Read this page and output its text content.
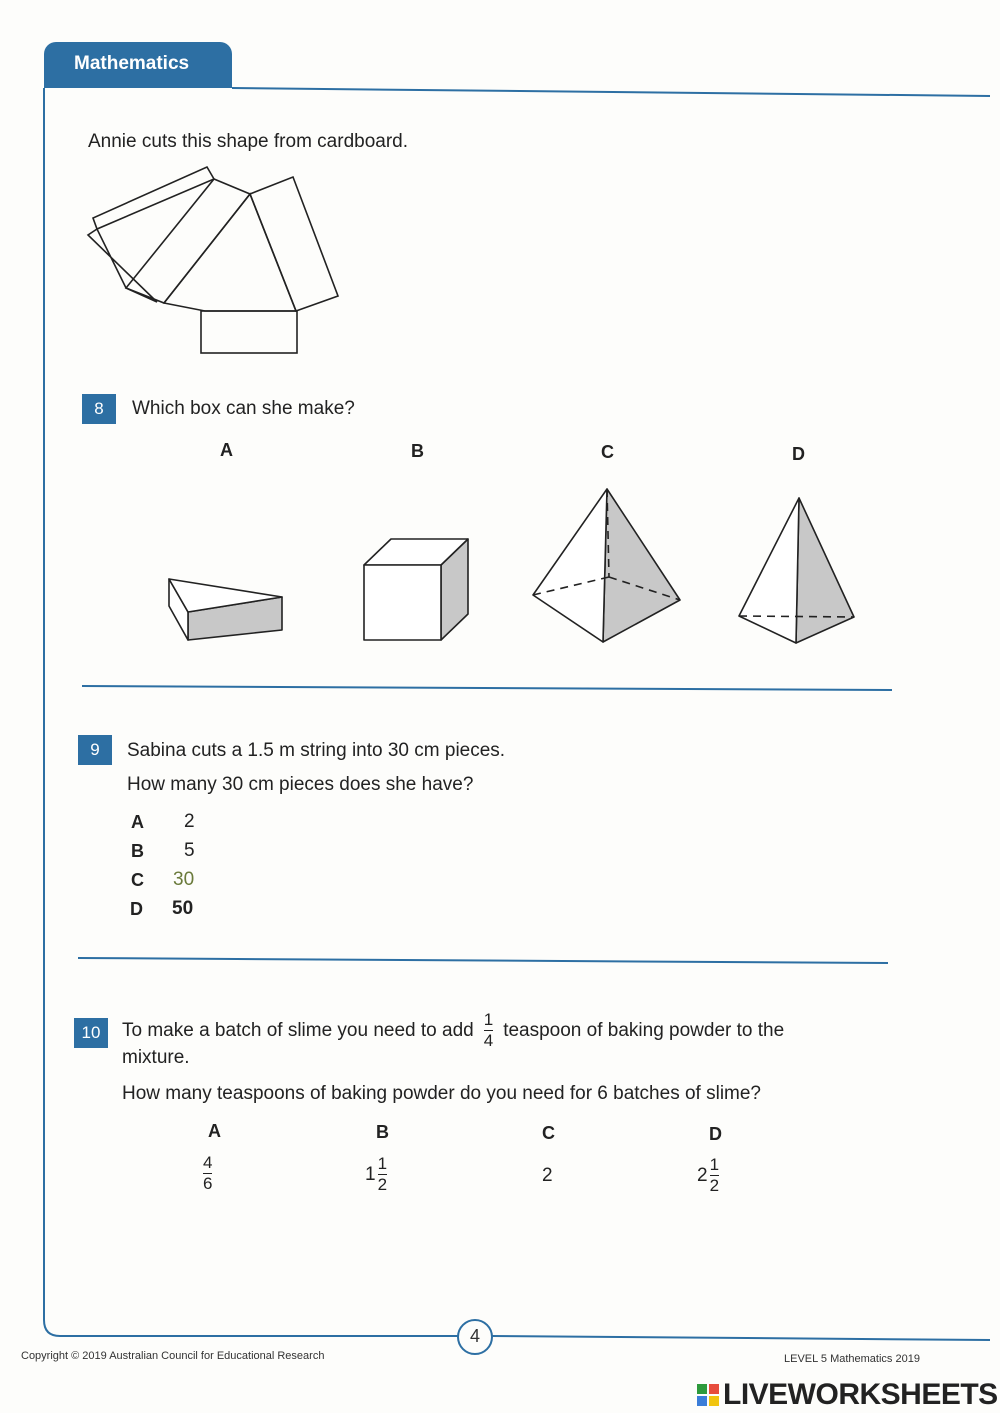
Mathematics
Annie cuts this shape from cardboard.
8	Which box can she make?
A	B	C	D
9	Sabina cuts a 1.5 m string into 30 cm pieces.
How many 30 cm pieces does she have?
A 2
B 5
C 30
D 50
10	To make a batch of slime you need to add $\frac{1}{4}$ teaspoon of baking powder to the
mixture.
How many teaspoons of baking powder do you need for 6 batches of slime?
A	B	C	D
$\frac{4}{6}$	$1 \frac{1}{2}$	2	$2 \frac{1}{2}$
4
Copyright © 2019 Australian Council for Educational Research	LEVEL 5 Mathematics 2019
LIVEWORKSHEETS
